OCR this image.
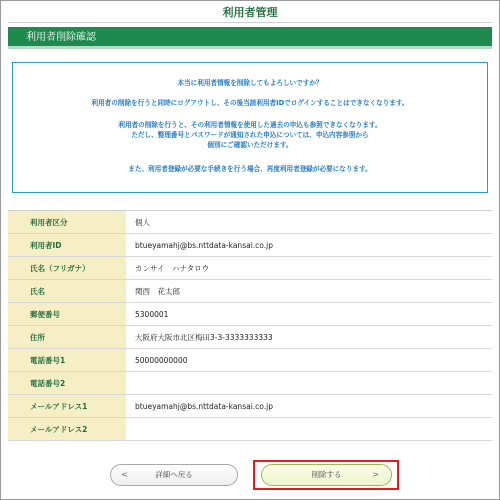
利用者管理
利用者削除確認

本当に利用者情報を削除してもよろしいですか？

利用者の削除を行うと同時にログアウトし、その後当該利用者IDでログインすることはできなくなります。

利用者の削除を行うと、その利用者情報を使用した過去の申込も参照できなくなります。

ただし、整理番号とパスワードが通知された申込については、申込内容参照から

個別にご確認いただけます。

また、利用者登録が必要な手続きを行う場合、再度利用者登録が必要になります。

利用者区分	個人
利用者ID	btueyamahj@bs.nttdata-kansai.co.jp
氏名（フリガナ）	カンサイ　ハナタロウ
氏名	関西　花太郎
郵便番号	5300001
住所	大阪府大阪市北区梅田3-3-3333333333
電話番号1	50000000000
電話番号2	
メールアドレス1	btueyamahj@bs.nttdata-kansai.co.jp
メールアドレス2	
<	詳細へ戻る	削除する	>
